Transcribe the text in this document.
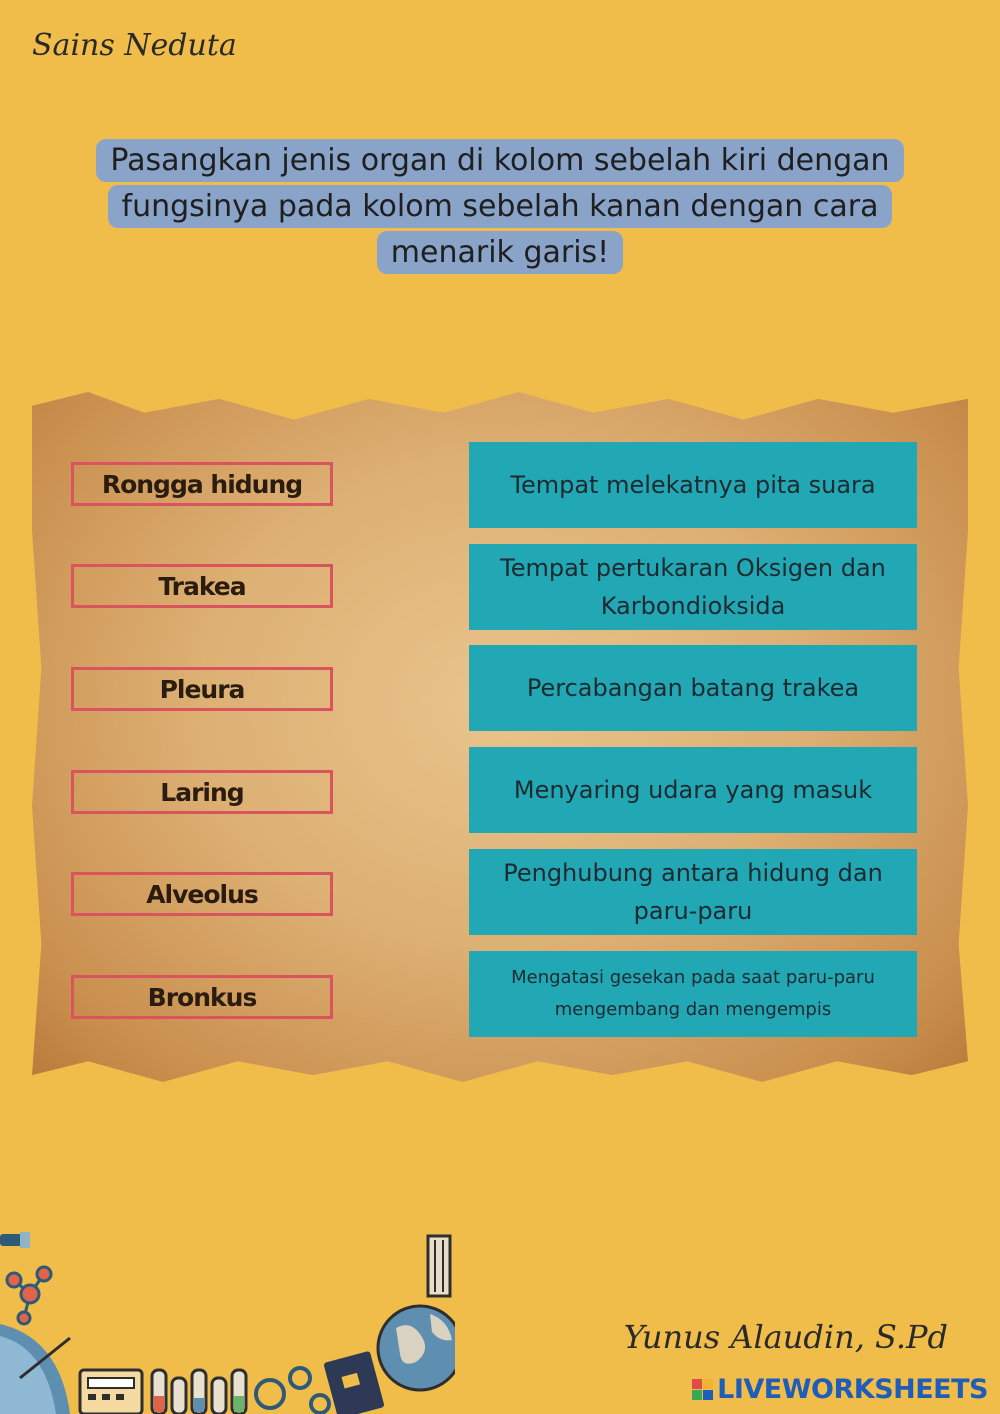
Sains Neduta
Pasangkan jenis organ di kolom sebelah kiri dengan fungsinya pada kolom sebelah kanan dengan cara menarik garis!
Rongga hidung
Trakea
Pleura
Laring
Alveolus
Bronkus
Tempat melekatnya pita suara
Tempat pertukaran Oksigen dan Karbondioksida
Percabangan batang trakea
Menyaring udara yang masuk
Penghubung antara hidung dan paru-paru
Mengatasi gesekan pada saat paru-paru mengembang dan mengempis
Yunus Alaudin, S.Pd
LIVEWORKSHEETS
